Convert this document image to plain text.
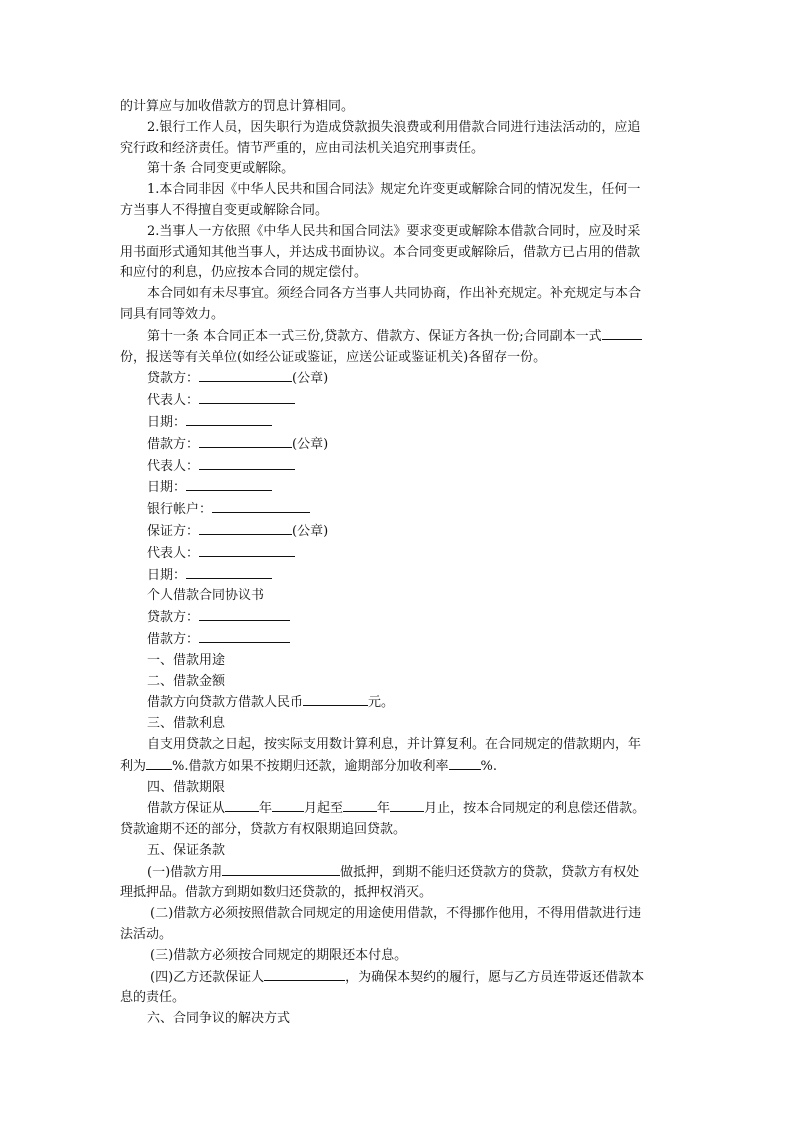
的计算应与加收借款方的罚息计算相同。
2.银行工作人员，因失职行为造成贷款损失浪费或利用借款合同进行违法活动的，应追
究行政和经济责任。情节严重的，应由司法机关追究刑事责任。
第十条 合同变更或解除。
1.本合同非因《中华人民共和国合同法》规定允许变更或解除合同的情况发生，任何一
方当事人不得擅自变更或解除合同。
2.当事人一方依照《中华人民共和国合同法》要求变更或解除本借款合同时，应及时采
用书面形式通知其他当事人，并达成书面协议。本合同变更或解除后，借款方已占用的借款
和应付的利息，仍应按本合同的规定偿付。
本合同如有未尽事宜。须经合同各方当事人共同协商，作出补充规定。补充规定与本合
同具有同等效力。
第十一条 本合同正本一式三份,贷款方、借款方、保证方各执一份;合同副本一式
份，报送等有关单位(如经公证或鉴证，应送公证或鉴证机关)各留存一份。
贷款方：	(公章)
代表人：
日期：
借款方：	(公章)
代表人：
日期：
银行帐户：
保证方：	(公章)
代表人：
日期：
个人借款合同协议书
贷款方：
借款方：
一、借款用途
二、借款金额
借款方向贷款方借款人民币	元。
三、借款利息
自支用贷款之日起，按实际支用数计算利息，并计算复利。在合同规定的借款期内，年
利为 %.借款方如果不按期归还款，逾期部分加收利率 %.
四、借款期限
借款方保证从	年 月起至	年	月止，按本合同规定的利息偿还借款。
贷款逾期不还的部分，贷款方有权限期追回贷款。
五、保证条款
(一)借款方用	做抵押，到期不能归还贷款方的贷款，贷款方有权处
理抵押品。借款方到期如数归还贷款的，抵押权消灭。
(二)借款方必须按照借款合同规定的用途使用借款，不得挪作他用，不得用借款进行违
法活动。
(三)借款方必须按合同规定的期限还本付息。
(四)乙方还款保证人	，为确保本契约的履行，愿与乙方员连带返还借款本
息的责任。
六、合同争议的解决方式
